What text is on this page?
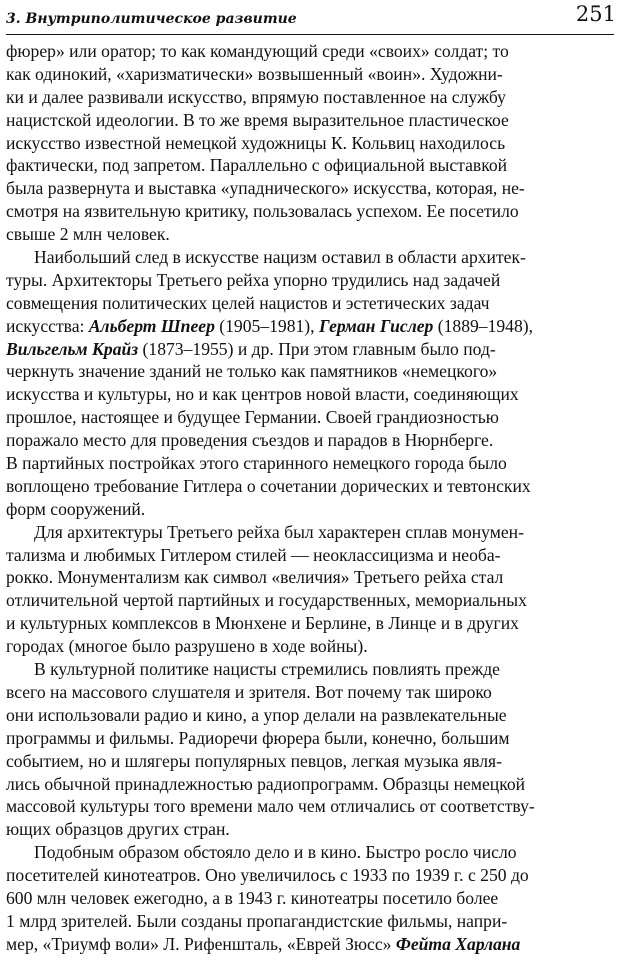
3. Внутриполитическое развитие	251
фюрер» или оратор; то как командующий среди «своих» солдат; то
как одинокий, «харизматически» возвышенный «воин». Художни-
ки и далее развивали искусство, впрямую поставленное на службу
нацистской идеологии. В то же время выразительное пластическое
искусство известной немецкой художницы К. Кольвиц находилось
фактически, под запретом. Параллельно с официальной выставкой
была развернута и выставка «упаднического» искусства, которая, не-
смотря на язвительную критику, пользовалась успехом. Ее посетило
свыше 2 млн человек.
Наибольший след в искусстве нацизм оставил в области архитек-
туры. Архитекторы Третьего рейха упорно трудились над задачей
совмещения политических целей нацистов и эстетических задач
искусства: Альберт Шпеер (1905–1981), Герман Гислер (1889–1948),
Вильгельм Крайз (1873–1955) и др. При этом главным было под-
черкнуть значение зданий не только как памятников «немецкого»
искусства и культуры, но и как центров новой власти, соединяющих
прошлое, настоящее и будущее Германии. Своей грандиозностью
поражало место для проведения съездов и парадов в Нюрнберге.
В партийных постройках этого старинного немецкого города было
воплощено требование Гитлера о сочетании дорических и тевтонских
форм сооружений.
Для архитектуры Третьего рейха был характерен сплав монумен-
тализма и любимых Гитлером стилей — неоклассицизма и необа-
рокко. Монументализм как символ «величия» Третьего рейха стал
отличительной чертой партийных и государственных, мемориальных
и культурных комплексов в Мюнхене и Берлине, в Линце и в других
городах (многое было разрушено в ходе войны).
В культурной политике нацисты стремились повлиять прежде
всего на массового слушателя и зрителя. Вот почему так широко
они использовали радио и кино, а упор делали на развлекательные
программы и фильмы. Радиоречи фюрера были, конечно, большим
событием, но и шлягеры популярных певцов, легкая музыка явля-
лись обычной принадлежностью радиопрограмм. Образцы немецкой
массовой культуры того времени мало чем отличались от соответству-
ющих образцов других стран.
Подобным образом обстояло дело и в кино. Быстро росло число
посетителей кинотеатров. Оно увеличилось с 1933 по 1939 г. с 250 до
600 млн человек ежегодно, а в 1943 г. кинотеатры посетило более
1 млрд зрителей. Были созданы пропагандистские фильмы, напри-
мер, «Триумф воли» Л. Рифеншталь, «Еврей Зюсс» Фейта Харлана
